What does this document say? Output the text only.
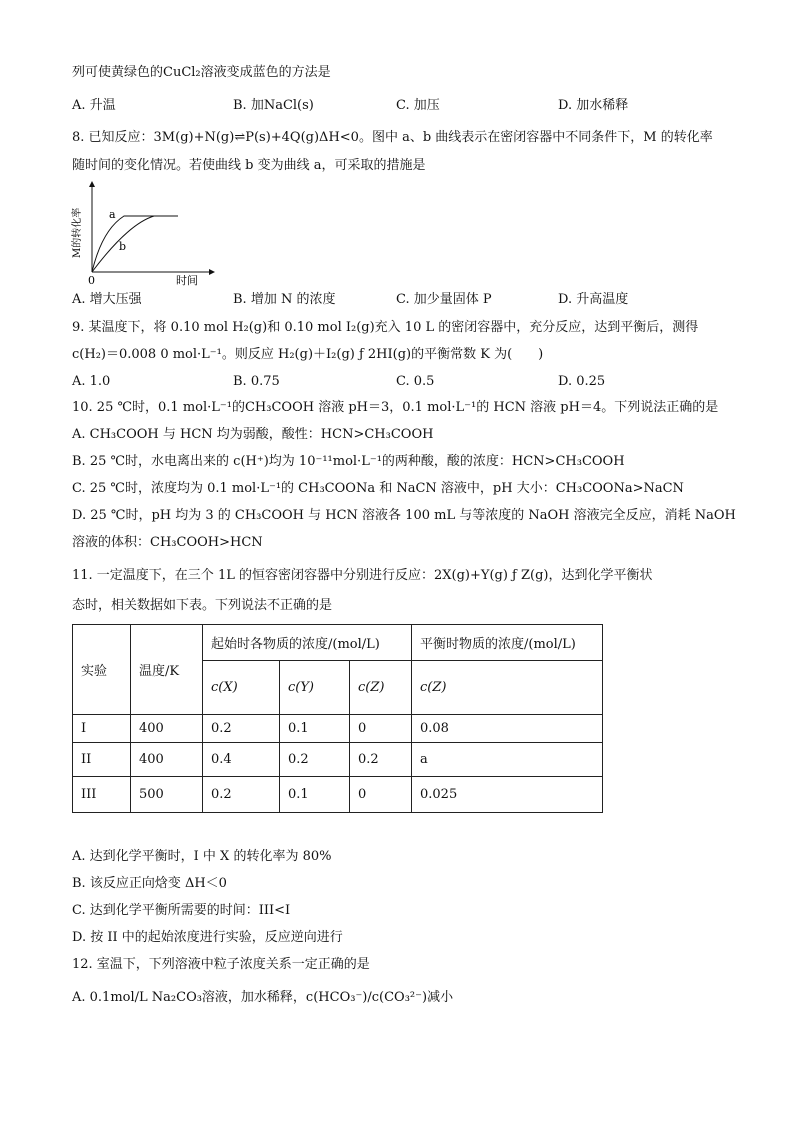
列可使黄绿色的CuCl₂溶液变成蓝色的方法是
A. 升温	B. 加NaCl(s)	C. 加压	D. 加水稀释
8. 已知反应：3M(g)+N(g)⇌P(s)+4Q(g)ΔH<0。图中 a、b 曲线表示在密闭容器中不同条件下，M 的转化率
随时间的变化情况。若使曲线 b 变为曲线 a，可采取的措施是
M的转化率
时间
0
a
b
A. 增大压强	B. 增加 N 的浓度	C. 加少量固体 P	D. 升高温度
9. 某温度下，将 0.10 mol H₂(g)和 0.10 mol I₂(g)充入 10 L 的密闭容器中，充分反应，达到平衡后，测得
c(H₂)＝0.008 0 mol·L⁻¹。则反应 H₂(g)＋I₂(g) ƒ 2HI(g)的平衡常数 K 为(　　)
A. 1.0	B. 0.75	C. 0.5	D. 0.25
10. 25 ℃时，0.1 mol·L⁻¹的CH₃COOH 溶液 pH＝3，0.1 mol·L⁻¹的 HCN 溶液 pH＝4。下列说法正确的是
A. CH₃COOH 与 HCN 均为弱酸，酸性：HCN>CH₃COOH
B. 25 ℃时，水电离出来的 c(H⁺)均为 10⁻¹¹mol·L⁻¹的两种酸，酸的浓度：HCN>CH₃COOH
C. 25 ℃时，浓度均为 0.1 mol·L⁻¹的 CH₃COONa 和 NaCN 溶液中，pH 大小：CH₃COONa>NaCN
D. 25 ℃时，pH 均为 3 的 CH₃COOH 与 HCN 溶液各 100 mL 与等浓度的 NaOH 溶液完全反应，消耗 NaOH
溶液的体积：CH₃COOH>HCN
11. 一定温度下，在三个 1L 的恒容密闭容器中分别进行反应：2X(g)+Y(g) ƒ Z(g)，达到化学平衡状
态时，相关数据如下表。下列说法不正确的是
实验	温度/K	起始时各物质的浓度/(mol/L)			平衡时物质的浓度/(mol/L)
		c(X)	c(Y)	c(Z)	c(Z)
I	400	0.2	0.1	0	0.08
II	400	0.4	0.2	0.2	a
III	500	0.2	0.1	0	0.025
A. 达到化学平衡时，I 中 X 的转化率为 80%
B. 该反应正向焓变 ΔH＜0
C. 达到化学平衡所需要的时间：III<I
D. 按 II 中的起始浓度进行实验，反应逆向进行
12. 室温下，下列溶液中粒子浓度关系一定正确的是
A. 0.1mol/L Na₂CO₃溶液，加水稀释，c(HCO₃⁻)/c(CO₃²⁻)减小
